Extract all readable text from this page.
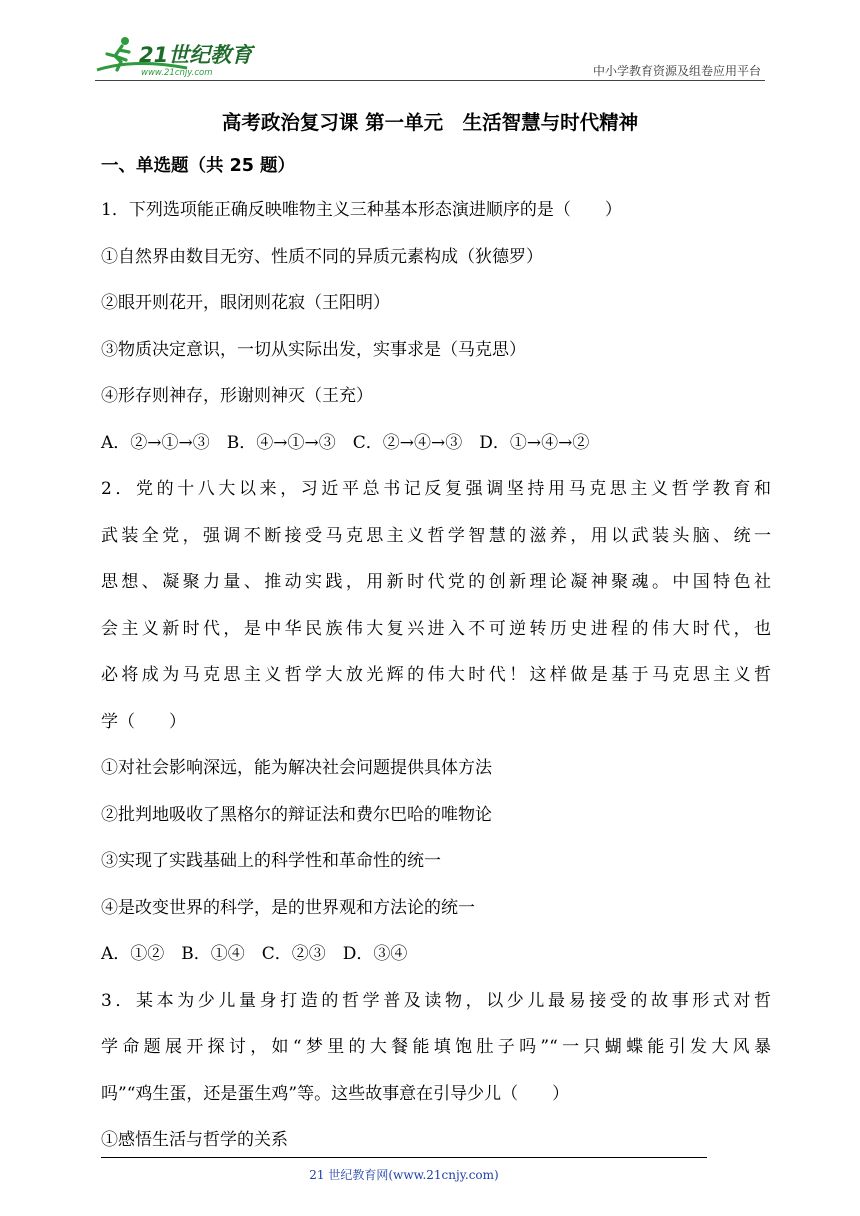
21世纪教育
www.21cnjy.com	中小学教育资源及组卷应用平台
高考政治复习课 第一单元　生活智慧与时代精神
一、单选题（共 25 题）
1．下列选项能正确反映唯物主义三种基本形态演进顺序的是（　　）
①自然界由数目无穷、性质不同的异质元素构成（狄德罗）
②眼开则花开，眼闭则花寂（王阳明）
③物质决定意识，一切从实际出发，实事求是（马克思）
④形存则神存，形谢则神灭（王充）
A．②→①→③　B．④→①→③　C．②→④→③　D．①→④→②
2．党的十八大以来，习近平总书记反复强调坚持用马克思主义哲学教育和
武装全党，强调不断接受马克思主义哲学智慧的滋养，用以武装头脑、统一
思想、凝聚力量、推动实践，用新时代党的创新理论凝神聚魂。中国特色社
会主义新时代，是中华民族伟大复兴进入不可逆转历史进程的伟大时代，也
必将成为马克思主义哲学大放光辉的伟大时代！这样做是基于马克思主义哲
学（　　）
①对社会影响深远，能为解决社会问题提供具体方法
②批判地吸收了黑格尔的辩证法和费尔巴哈的唯物论
③实现了实践基础上的科学性和革命性的统一
④是改变世界的科学，是的世界观和方法论的统一
A．①②　B．①④　C．②③　D．③④
3．某本为少儿量身打造的哲学普及读物，以少儿最易接受的故事形式对哲
学命题展开探讨，如“梦里的大餐能填饱肚子吗”“一只蝴蝶能引发大风暴
吗”“鸡生蛋，还是蛋生鸡”等。这些故事意在引导少儿（　　）
①感悟生活与哲学的关系
21 世纪教育网(www.21cnjy.com)
